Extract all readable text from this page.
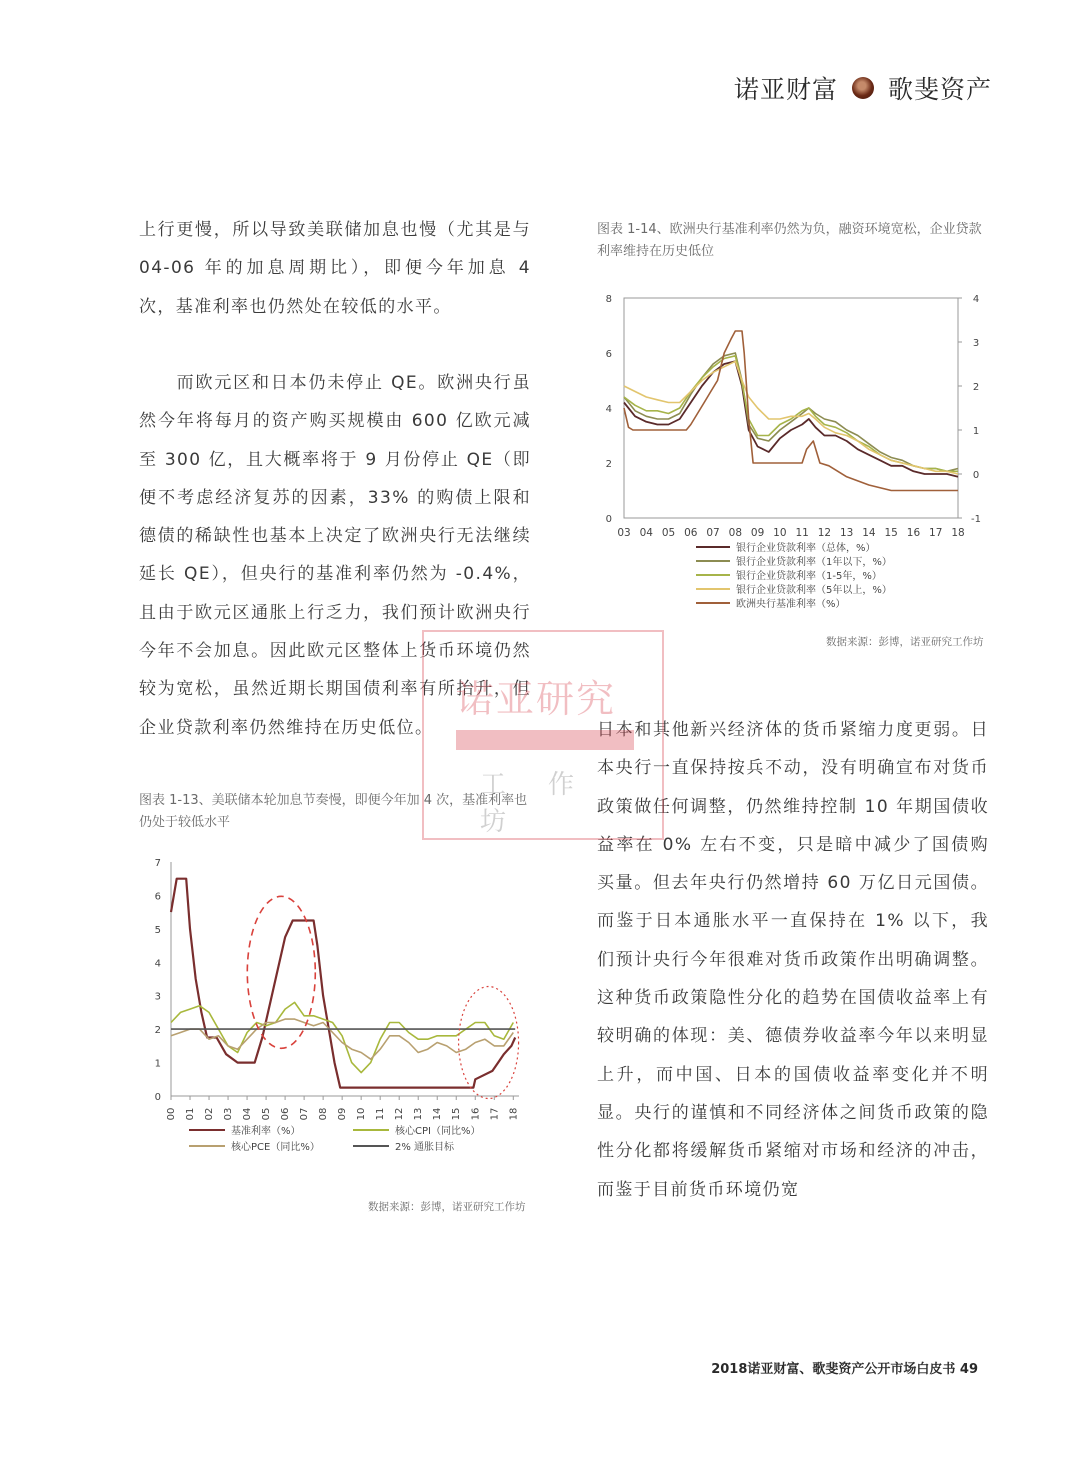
诺亚财富 歌斐资产

上行更慢，所以导致美联储加息也慢（尤其是与 04-06 年的加息周期比），即便今年加息 4 次，基准利率也仍然处在较低的水平。

　　而欧元区和日本仍未停止 QE。欧洲央行虽然今年将每月的资产购买规模由 600 亿欧元减至 300 亿，且大概率将于 9 月份停止 QE（即便不考虑经济复苏的因素，33% 的购债上限和德债的稀缺性也基本上决定了欧洲央行无法继续延长 QE），但央行的基准利率仍然为 -0.4%，且由于欧元区通胀上行乏力，我们预计欧洲央行今年不会加息。因此欧元区整体上货币环境仍然较为宽松，虽然近期长期国债利率有所抬升，但企业贷款利率仍然维持在历史低位。

图表 1-13、美联储本轮加息节奏慢，即便今年加 4 次，基准利率也仍处于较低水平

0
1
2
3
4
5
6
7
00 01 02 03 04 05 06 07 08 09 10 11 12 13 14 15 16 17 18
基准利率（%）	核心CPI（同比%）
核心PCE（同比%）	2% 通胀目标

数据来源：彭博，诺亚研究工作坊

图表 1-14、欧洲央行基准利率仍然为负，融资环境宽松，企业贷款利率维持在历史低位

0
2
4
6
8
-1
0
1
2
3
4
03 04 05 06 07 08 09 10 11 12 13 14 15 16 17 18
银行企业贷款利率（总体，%）
银行企业贷款利率（1年以下，%）
银行企业贷款利率（1-5年，%）
银行企业贷款利率（5年以上，%）
欧洲央行基准利率（%）

数据来源：彭博，诺亚研究工作坊

日本和其他新兴经济体的货币紧缩力度更弱。日本央行一直保持按兵不动，没有明确宣布对货币政策做任何调整，仍然维持控制 10 年期国债收益率在 0% 左右不变，只是暗中减少了国债购买量。但去年央行仍然增持 60 万亿日元国债。而鉴于日本通胀水平一直保持在 1% 以下，我们预计央行今年很难对货币政策作出明确调整。这种货币政策隐性分化的趋势在国债收益率上有较明确的体现：美、德债券收益率今年以来明显上升，而中国、日本的国债收益率变化并不明显。央行的谨慎和不同经济体之间货币政策的隐性分化都将缓解货币紧缩对市场和经济的冲击，而鉴于目前货币环境仍宽

诺亚研究
工作坊
2018诺亚财富、歌斐资产公开市场白皮书 49
